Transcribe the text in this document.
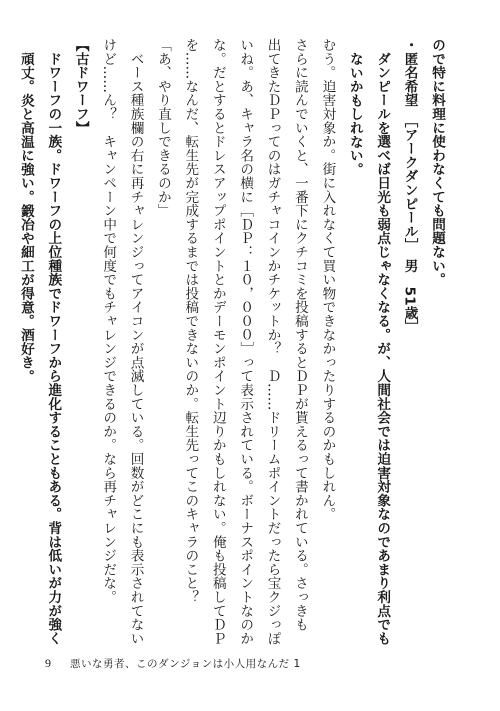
ので特に料理に使わなくても問題ない。

・匿名希望　［アークダンピール］　男　51歳］

　ダンピールを選べば日光も弱点じゃなくなる。が、人間社会では迫害対象なのであまり利点でも

ないかもしれない。

むう。迫害対象か。街に入れなくて買い物できなかったりするのかもしれん。

さらに読んでいくと、一番下にクチコミを投稿するとＤＰが貰えるって書かれている。さっきも

出てきたＤＰってのはガチャコインかチケットか？　Ｄ……ドリームポイントだったら宝クジっぽ

いね。あ、キャラ名の横に［ＤＰ：１０，０００］って表示されている。ボーナスポイントなのか

な。だとするとドレスアップポイントとかデーモンポイント辺りかもしれない。俺も投稿してＤＰ

を……なんだ、転生先が完成するまでは投稿できないのか。転生先ってこのキャラのこと？

「あ、やり直しできるのか」

　ベース種族欄の右に再チャレンジってアイコンが点滅している。回数がどこにも表示されてない

けど……ん？　キャンペーン中で何度でもチャレンジできるのか。なら再チャレンジだな。

【古ドワーフ】

　ドワーフの一族。ドワーフの上位種族でドワーフから進化することもある。背は低いが力が強く

頑丈。炎と高温に強い。鍛冶や細工が得意。酒好き。

9 悪いな勇者、このダンジョンは小人用なんだ 1
